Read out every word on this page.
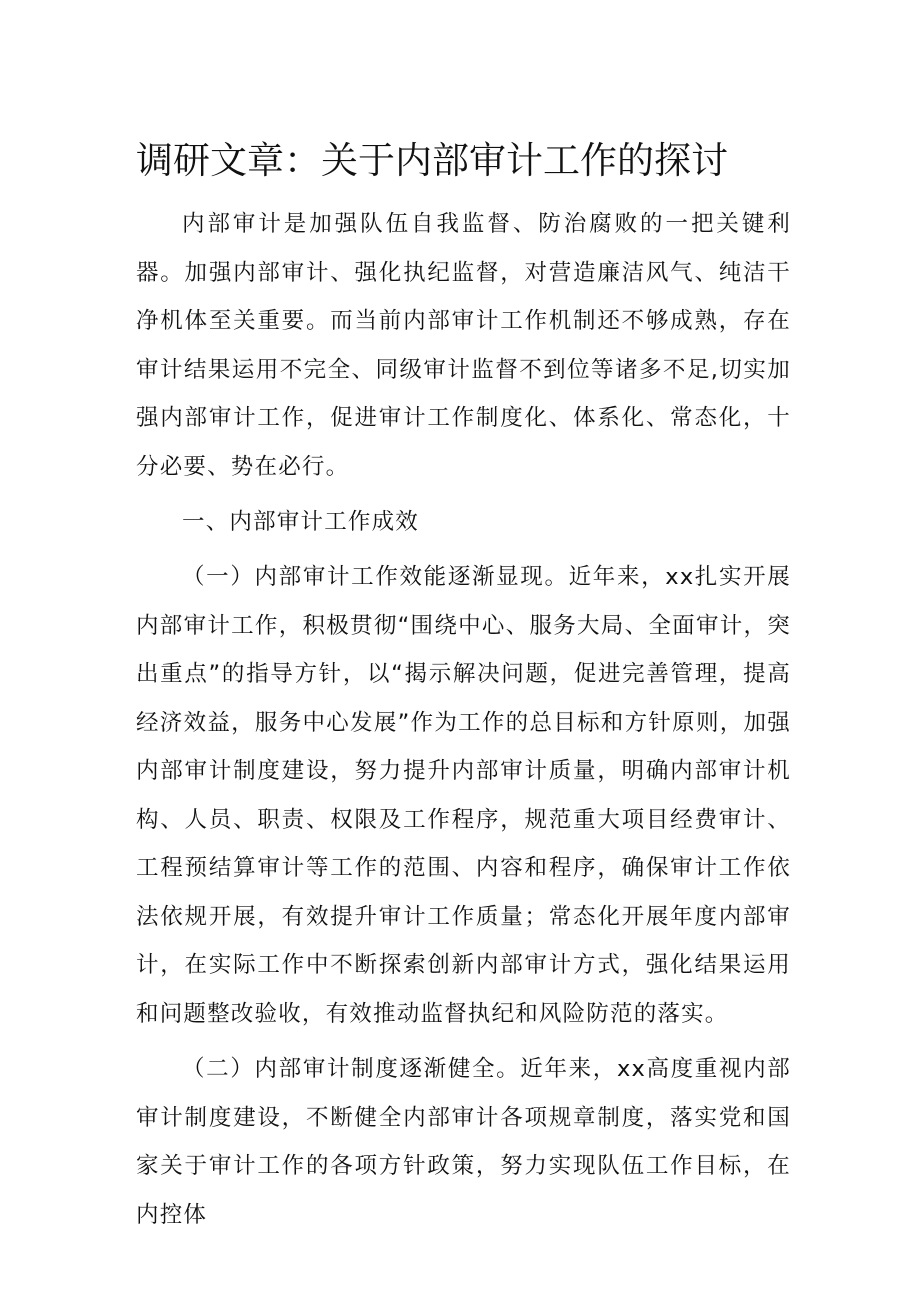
调研文章：关于内部审计工作的探讨

内部审计是加强队伍自我监督、防治腐败的一把关键利器。加强内部审计、强化执纪监督，对营造廉洁风气、纯洁干净机体至关重要。而当前内部审计工作机制还不够成熟，存在审计结果运用不完全、同级审计监督不到位等诸多不足,切实加强内部审计工作，促进审计工作制度化、体系化、常态化，十分必要、势在必行。

一、内部审计工作成效

（一）内部审计工作效能逐渐显现。近年来，xx扎实开展内部审计工作，积极贯彻“围绕中心、服务大局、全面审计，突出重点”的指导方针，以“揭示解决问题，促进完善管理，提高经济效益，服务中心发展”作为工作的总目标和方针原则，加强内部审计制度建设，努力提升内部审计质量，明确内部审计机构、人员、职责、权限及工作程序，规范重大项目经费审计、工程预结算审计等工作的范围、内容和程序，确保审计工作依法依规开展，有效提升审计工作质量；常态化开展年度内部审计，在实际工作中不断探索创新内部审计方式，强化结果运用和问题整改验收，有效推动监督执纪和风险防范的落实。

（二）内部审计制度逐渐健全。近年来，xx高度重视内部审计制度建设，不断健全内部审计各项规章制度，落实党和国家关于审计工作的各项方针政策，努力实现队伍工作目标，在内控体
